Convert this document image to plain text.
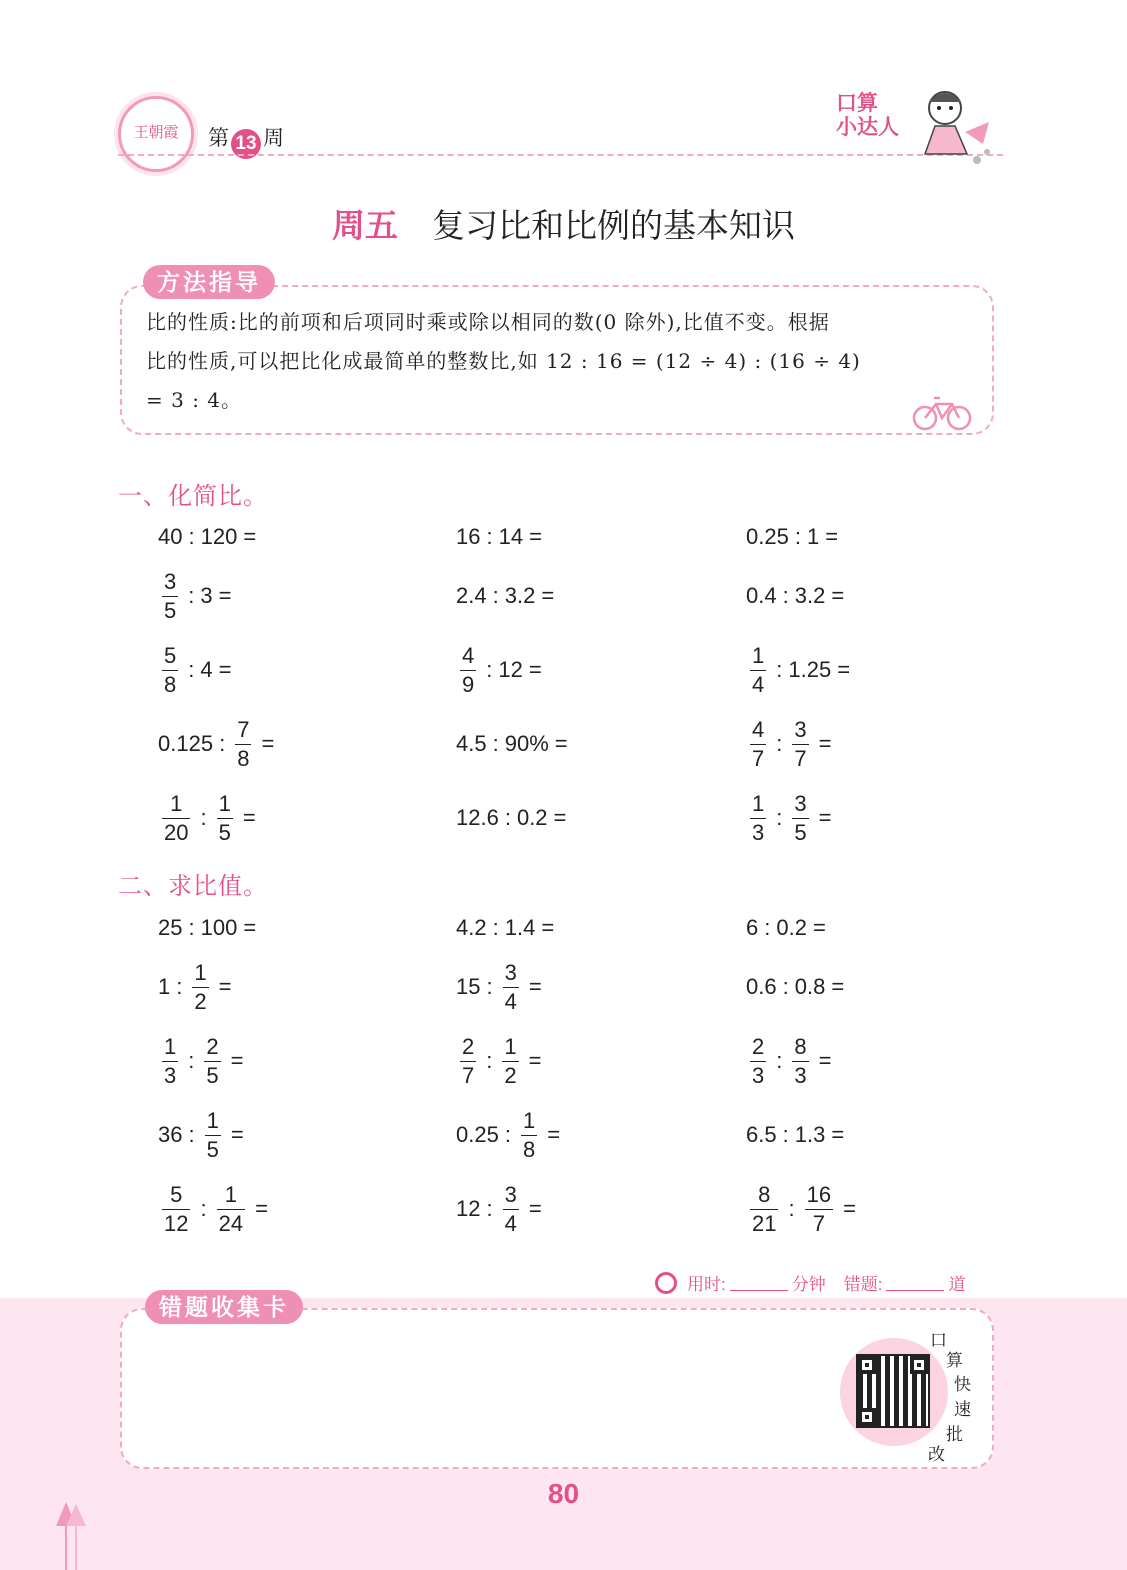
王朝霞	第 13 周
口算
小达人
周五 复习比和比例的基本知识
方法指导
比的性质:比的前项和后项同时乘或除以相同的数(0 除外),比值不变。根据
比的性质,可以把比化成最简单的整数比,如 12 : 16 = (12 ÷ 4) : (16 ÷ 4)
= 3 : 4。
一、化简比。
40 : 120 =	16 : 14 =	0.25 : 1 =
$\frac{3}{5}$ : 3 =	2.4 : 3.2 =	0.4 : 3.2 =
$\frac{5}{8}$ : 4 =	$\frac{4}{9}$ : 12 =	$\frac{1}{4}$ : 1.25 =
0.125 : $\frac{7}{8}$ =	4.5 : 90% =	$\frac{4}{7}$ : $\frac{3}{7}$ =
$\frac{1}{20}$ : $\frac{1}{5}$ =	12.6 : 0.2 =	$\frac{1}{3}$ : $\frac{3}{5}$ =
二、求比值。
25 : 100 =	4.2 : 1.4 =	6 : 0.2 =
1 : $\frac{1}{2}$ =	15 : $\frac{3}{4}$ =	0.6 : 0.8 =
$\frac{1}{3}$ : $\frac{2}{5}$ =	$\frac{2}{7}$ : $\frac{1}{2}$ =	$\frac{2}{3}$ : $\frac{8}{3}$ =
36 : $\frac{1}{5}$ =	0.25 : $\frac{1}{8}$ =	6.5 : 1.3 =
$\frac{5}{12}$ : $\frac{1}{24}$ =	12 : $\frac{3}{4}$ =	$\frac{8}{21}$ : $\frac{16}{7}$ =
用时:	分钟 错题:	道
错题收集卡
口
算
快
速
批
改
80
